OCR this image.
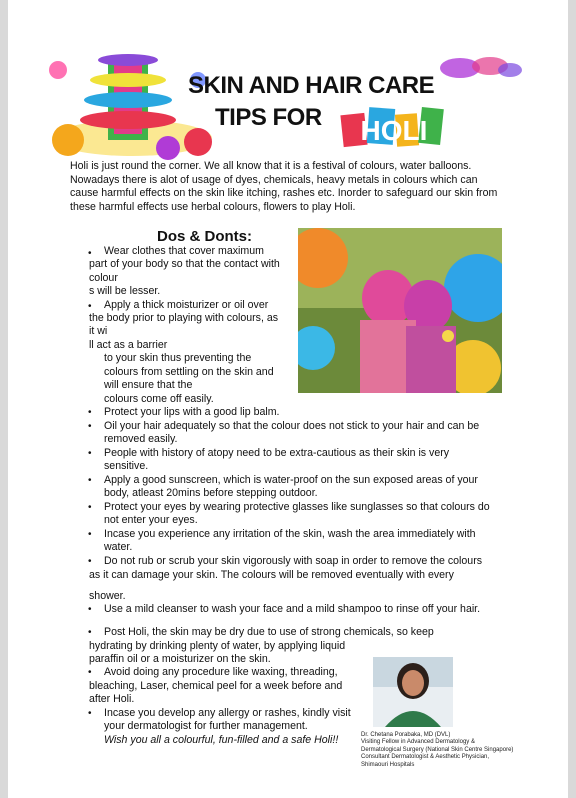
SKIN AND HAIR CARE
TIPS FOR HOLI
Holi is just round the corner. We all know that it is a festival of colours, water balloons. Nowadays there is alot of usage of dyes, chemicals, heavy metals in colours which can cause harmful effects on the skin like itching, rashes etc. Inorder to safeguard our skin from these harmful effects use herbal colours, flowers to play Holi.
Dos & Donts:
•
•
•
•
•
•
•
•
•
•
•
•
•
Wear clothes that cover maximum
part of your body so that the contact with
colour
s will be lesser.
Apply a thick moisturizer or oil over
the body prior to playing with colours, as
it wi
ll act as a barrier
to your skin thus preventing the
colours from settling on the skin and
will ensure that the
colours come off easily.
Protect your lips with a good lip balm.
Oil your hair adequately so that the colour does not stick to your hair and can be
removed easily.
People with history of atopy need to be extra-cautious as their skin is very
sensitive.
Apply a good sunscreen, which is water-proof on the sun exposed areas of your
body, atleast 20mins before stepping outdoor.
Protect your eyes by wearing protective glasses like sunglasses so that colours do
not enter your eyes.
Incase you experience any irritation of the skin, wash the area immediately with
water.
Do not rub or scrub your skin vigorously with soap in order to remove the colours
as it can damage your skin. The colours will be removed eventually with every
shower.
Use a mild cleanser to wash your face and a mild shampoo to rinse off your hair.
Post Holi, the skin may be dry due to use of strong chemicals, so keep
hydrating by drinking plenty of water, by applying liquid
paraffin oil or a moisturizer on the skin.
Avoid doing any procedure like waxing, threading,
bleaching, Laser, chemical peel for a week before and
after Holi.
Incase you develop any allergy or rashes, kindly visit
your dermatologist for further management.
Wish you all a colourful, fun-filled and a safe Holi!!	Dr. Chetana Porabaka, MD (DVL)
Visiting Fellow in Advanced Dermatology &
Dermatological Surgery (National Skin Centre Singapore)
Consultant Dermatologist & Aesthetic Physician,
Shimaouri Hospitals
